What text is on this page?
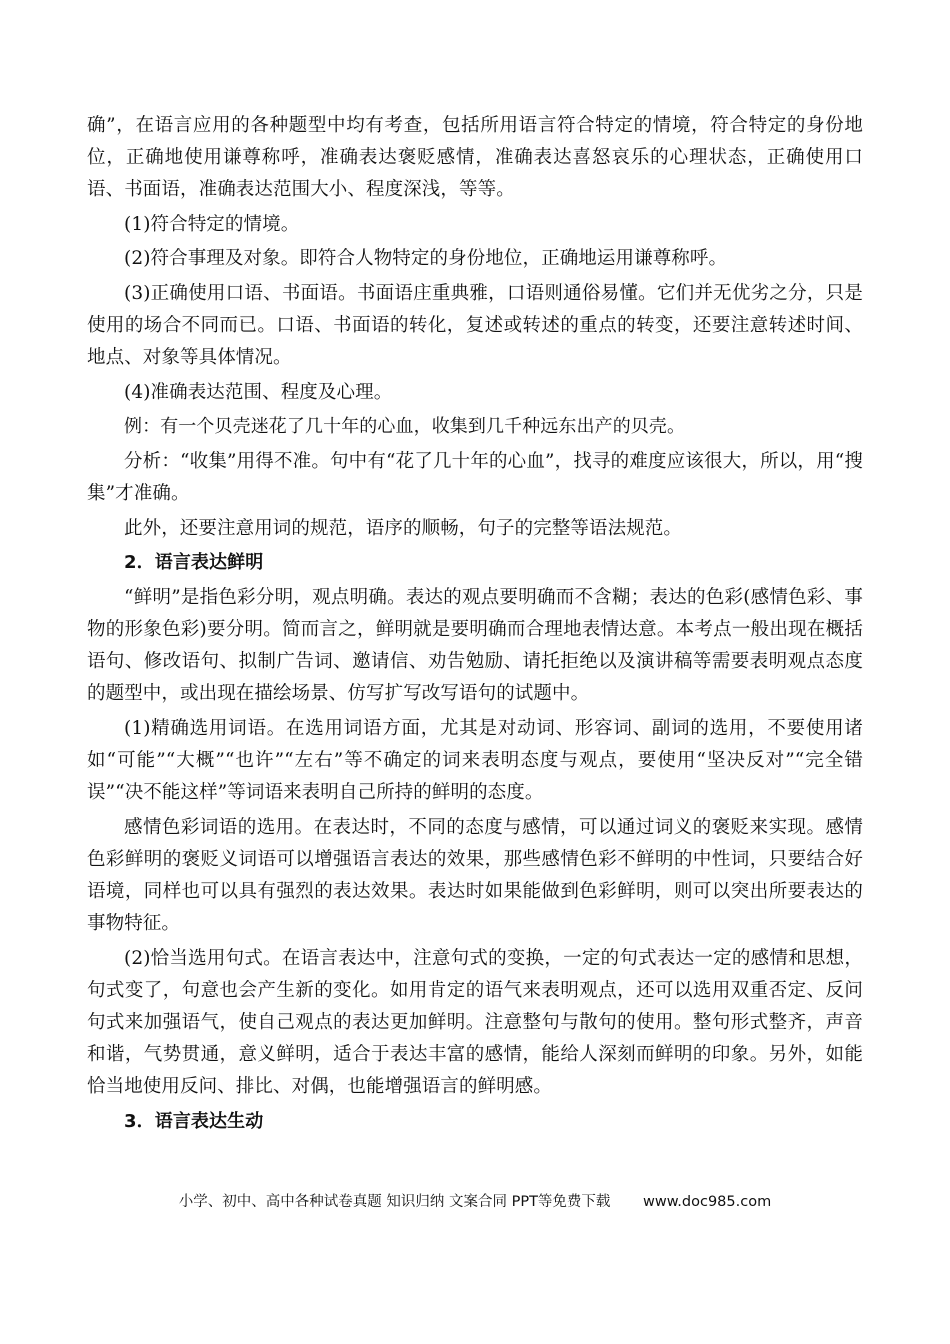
确”，在语言应用的各种题型中均有考查，包括所用语言符合特定的情境，符合特定的身份地位，正确地使用谦尊称呼，准确表达褒贬感情，准确表达喜怒哀乐的心理状态，正确使用口语、书面语，准确表达范围大小、程度深浅，等等。

(1)符合特定的情境。

(2)符合事理及对象。即符合人物特定的身份地位，正确地运用谦尊称呼。

(3)正确使用口语、书面语。书面语庄重典雅，口语则通俗易懂。它们并无优劣之分，只是使用的场合不同而已。口语、书面语的转化，复述或转述的重点的转变，还要注意转述时间、地点、对象等具体情况。

(4)准确表达范围、程度及心理。

例：有一个贝壳迷花了几十年的心血，收集到几千种远东出产的贝壳。

分析：“收集”用得不准。句中有“花了几十年的心血”，找寻的难度应该很大，所以，用“搜集”才准确。

此外，还要注意用词的规范，语序的顺畅，句子的完整等语法规范。

2．语言表达鲜明

“鲜明”是指色彩分明，观点明确。表达的观点要明确而不含糊；表达的色彩(感情色彩、事物的形象色彩)要分明。简而言之，鲜明就是要明确而合理地表情达意。本考点一般出现在概括语句、修改语句、拟制广告词、邀请信、劝告勉励、请托拒绝以及演讲稿等需要表明观点态度的题型中，或出现在描绘场景、仿写扩写改写语句的试题中。

(1)精确选用词语。在选用词语方面，尤其是对动词、形容词、副词的选用，不要使用诸如“可能”“大概”“也许”“左右”等不确定的词来表明态度与观点，要使用“坚决反对”“完全错误”“决不能这样”等词语来表明自己所持的鲜明的态度。

感情色彩词语的选用。在表达时，不同的态度与感情，可以通过词义的褒贬来实现。感情色彩鲜明的褒贬义词语可以增强语言表达的效果，那些感情色彩不鲜明的中性词，只要结合好语境，同样也可以具有强烈的表达效果。表达时如果能做到色彩鲜明，则可以突出所要表达的事物特征。

(2)恰当选用句式。在语言表达中，注意句式的变换，一定的句式表达一定的感情和思想，句式变了，句意也会产生新的变化。如用肯定的语气来表明观点，还可以选用双重否定、反问句式来加强语气，使自己观点的表达更加鲜明。注意整句与散句的使用。整句形式整齐，声音和谐，气势贯通，意义鲜明，适合于表达丰富的感情，能给人深刻而鲜明的印象。另外，如能恰当地使用反问、排比、对偶，也能增强语言的鲜明感。

3．语言表达生动

小学、初中、高中各种试卷真题 知识归纳 文案合同 PPT等免费下载 www.doc985.com
